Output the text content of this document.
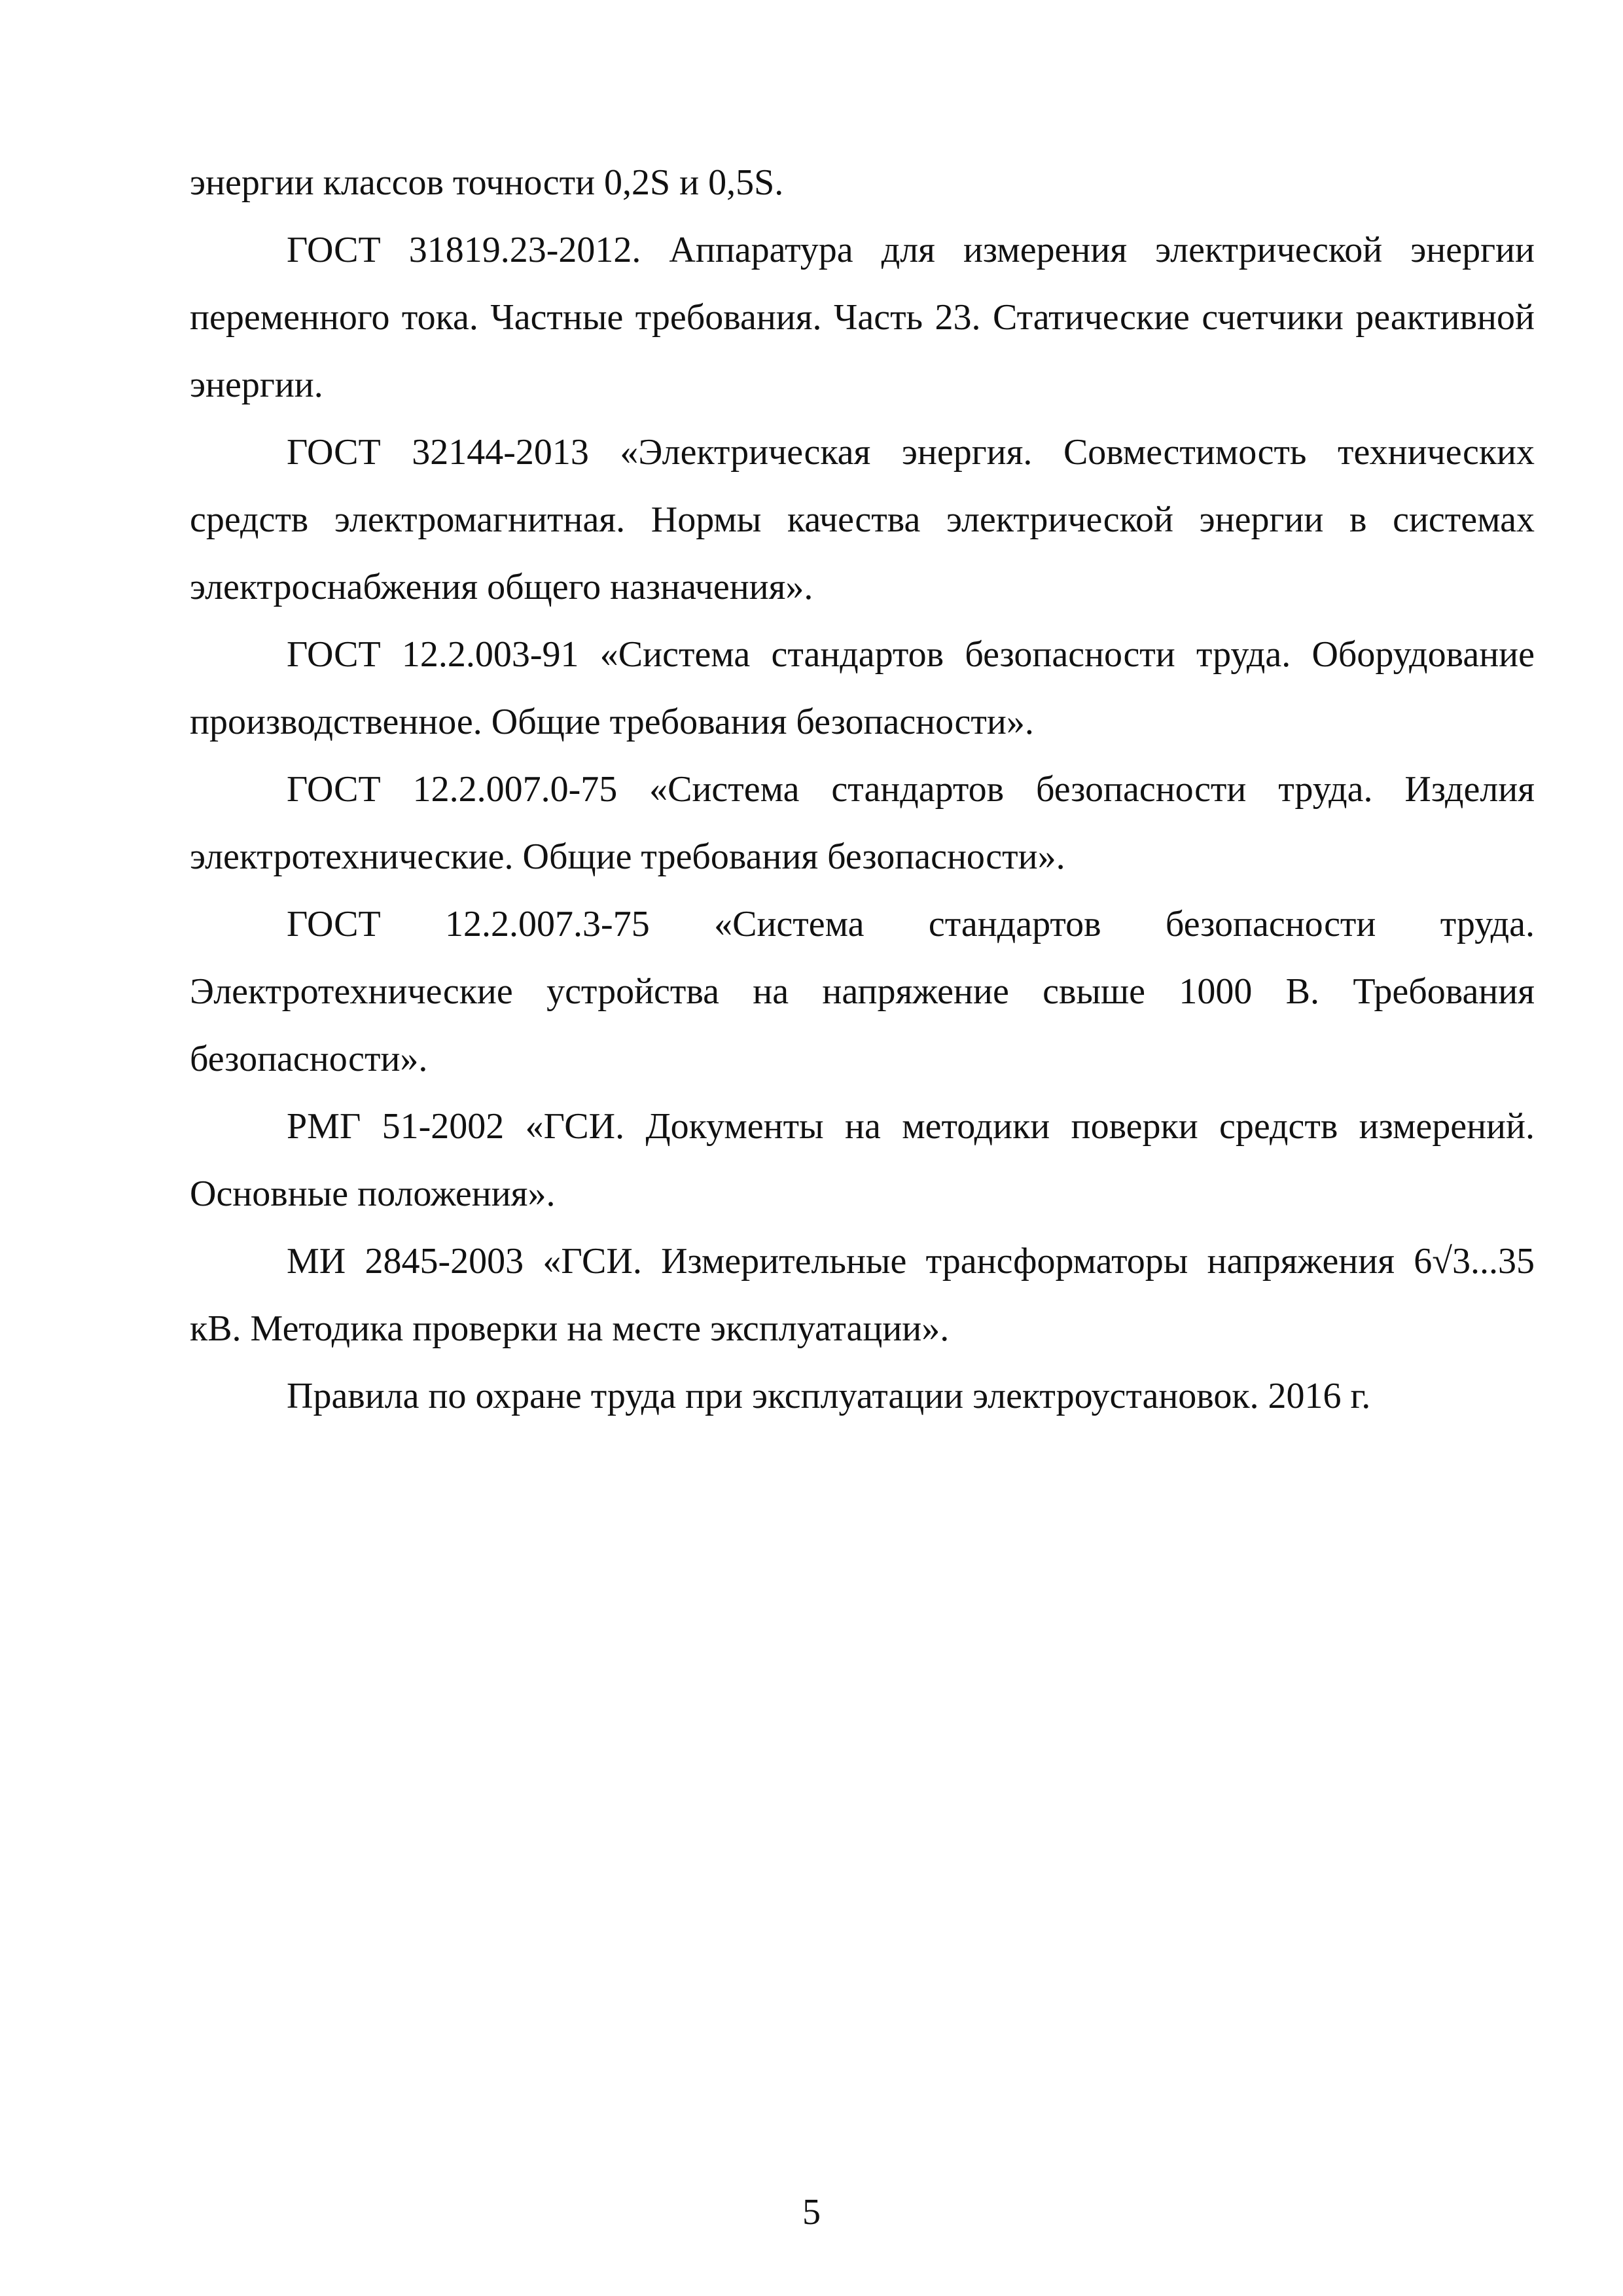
энергии классов точности 0,2S и 0,5S.

ГОСТ 31819.23-2012. Аппаратура для измерения электрической энергии переменного тока. Частные требования. Часть 23. Статические счетчики реактивной энергии.

ГОСТ 32144-2013 «Электрическая энергия. Совместимость технических средств электромагнитная. Нормы качества электрической энергии в системах электроснабжения общего назначения».

ГОСТ 12.2.003-91 «Система стандартов безопасности труда. Оборудование производственное. Общие требования безопасности».

ГОСТ 12.2.007.0-75 «Система стандартов безопасности труда. Изделия электротехнические. Общие требования безопасности».

ГОСТ 12.2.007.3-75 «Система стандартов безопасности труда. Электротехнические устройства на напряжение свыше 1000 В. Требования безопасности».

РМГ 51-2002 «ГСИ. Документы на методики поверки средств измерений. Основные положения».

МИ 2845-2003 «ГСИ. Измерительные трансформаторы напряжения 6√3...35 кВ. Методика проверки на месте эксплуатации».

Правила по охране труда при эксплуатации электроустановок. 2016 г.

5
